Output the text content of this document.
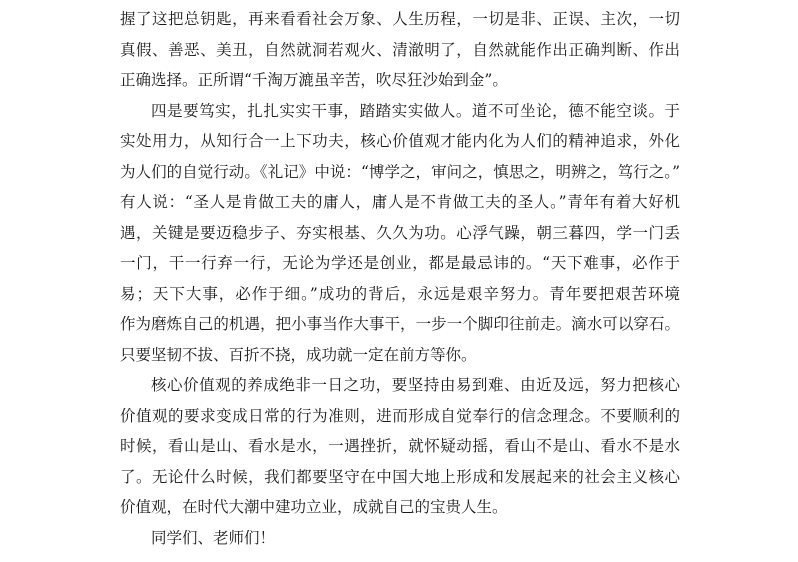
握了这把总钥匙，再来看看社会万象、人生历程，一切是非、正误、主次，一切
真假、善恶、美丑，自然就洞若观火、清澈明了，自然就能作出正确判断、作出
正确选择。正所谓“千淘万漉虽辛苦，吹尽狂沙始到金”。
四是要笃实，扎扎实实干事，踏踏实实做人。道不可坐论，德不能空谈。于
实处用力，从知行合一上下功夫，核心价值观才能内化为人们的精神追求，外化
为人们的自觉行动。《礼记》中说：“博学之，审问之，慎思之，明辨之，笃行之。”
有人说：“圣人是肯做工夫的庸人，庸人是不肯做工夫的圣人。”青年有着大好机
遇，关键是要迈稳步子、夯实根基、久久为功。心浮气躁，朝三暮四，学一门丢
一门，干一行弃一行，无论为学还是创业，都是最忌讳的。“天下难事，必作于
易；天下大事，必作于细。”成功的背后，永远是艰辛努力。青年要把艰苦环境
作为磨炼自己的机遇，把小事当作大事干，一步一个脚印往前走。滴水可以穿石。
只要坚韧不拔、百折不挠，成功就一定在前方等你。
核心价值观的养成绝非一日之功，要坚持由易到难、由近及远，努力把核心
价值观的要求变成日常的行为准则，进而形成自觉奉行的信念理念。不要顺利的
时候，看山是山、看水是水，一遇挫折，就怀疑动摇，看山不是山、看水不是水
了。无论什么时候，我们都要坚守在中国大地上形成和发展起来的社会主义核心
价值观，在时代大潮中建功立业，成就自己的宝贵人生。
同学们、老师们！
